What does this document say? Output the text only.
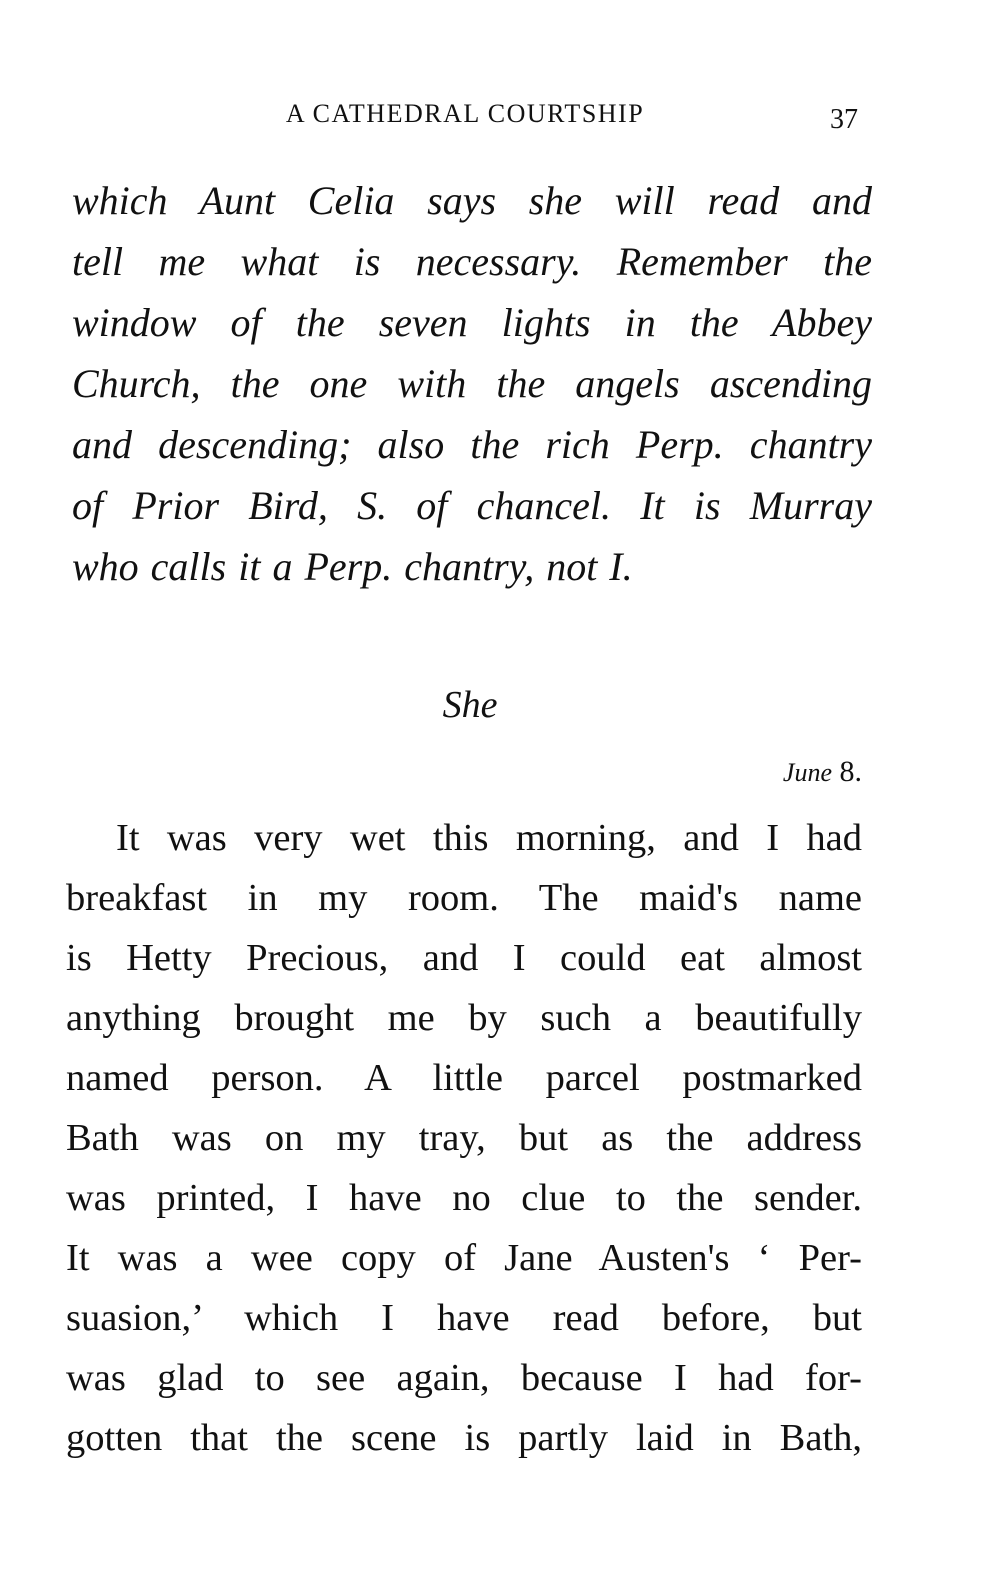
A CATHEDRAL COURTSHIP	37

which Aunt Celia says she will read and
tell me what is necessary. Remember the
window of the seven lights in the Abbey
Church, the one with the angels ascending
and descending; also the rich Perp. chantry
of Prior Bird, S. of chancel. It is Murray
who calls it a Perp. chantry, not I.

She
June 8.

It was very wet this morning, and I had
breakfast in my room. The maid's name
is Hetty Precious, and I could eat almost
anything brought me by such a beautifully
named person. A little parcel postmarked
Bath was on my tray, but as the address
was printed, I have no clue to the sender.
It was a wee copy of Jane Austen's ‘ Per-
suasion,’ which I have read before, but
was glad to see again, because I had for-
gotten that the scene is partly laid in Bath,
